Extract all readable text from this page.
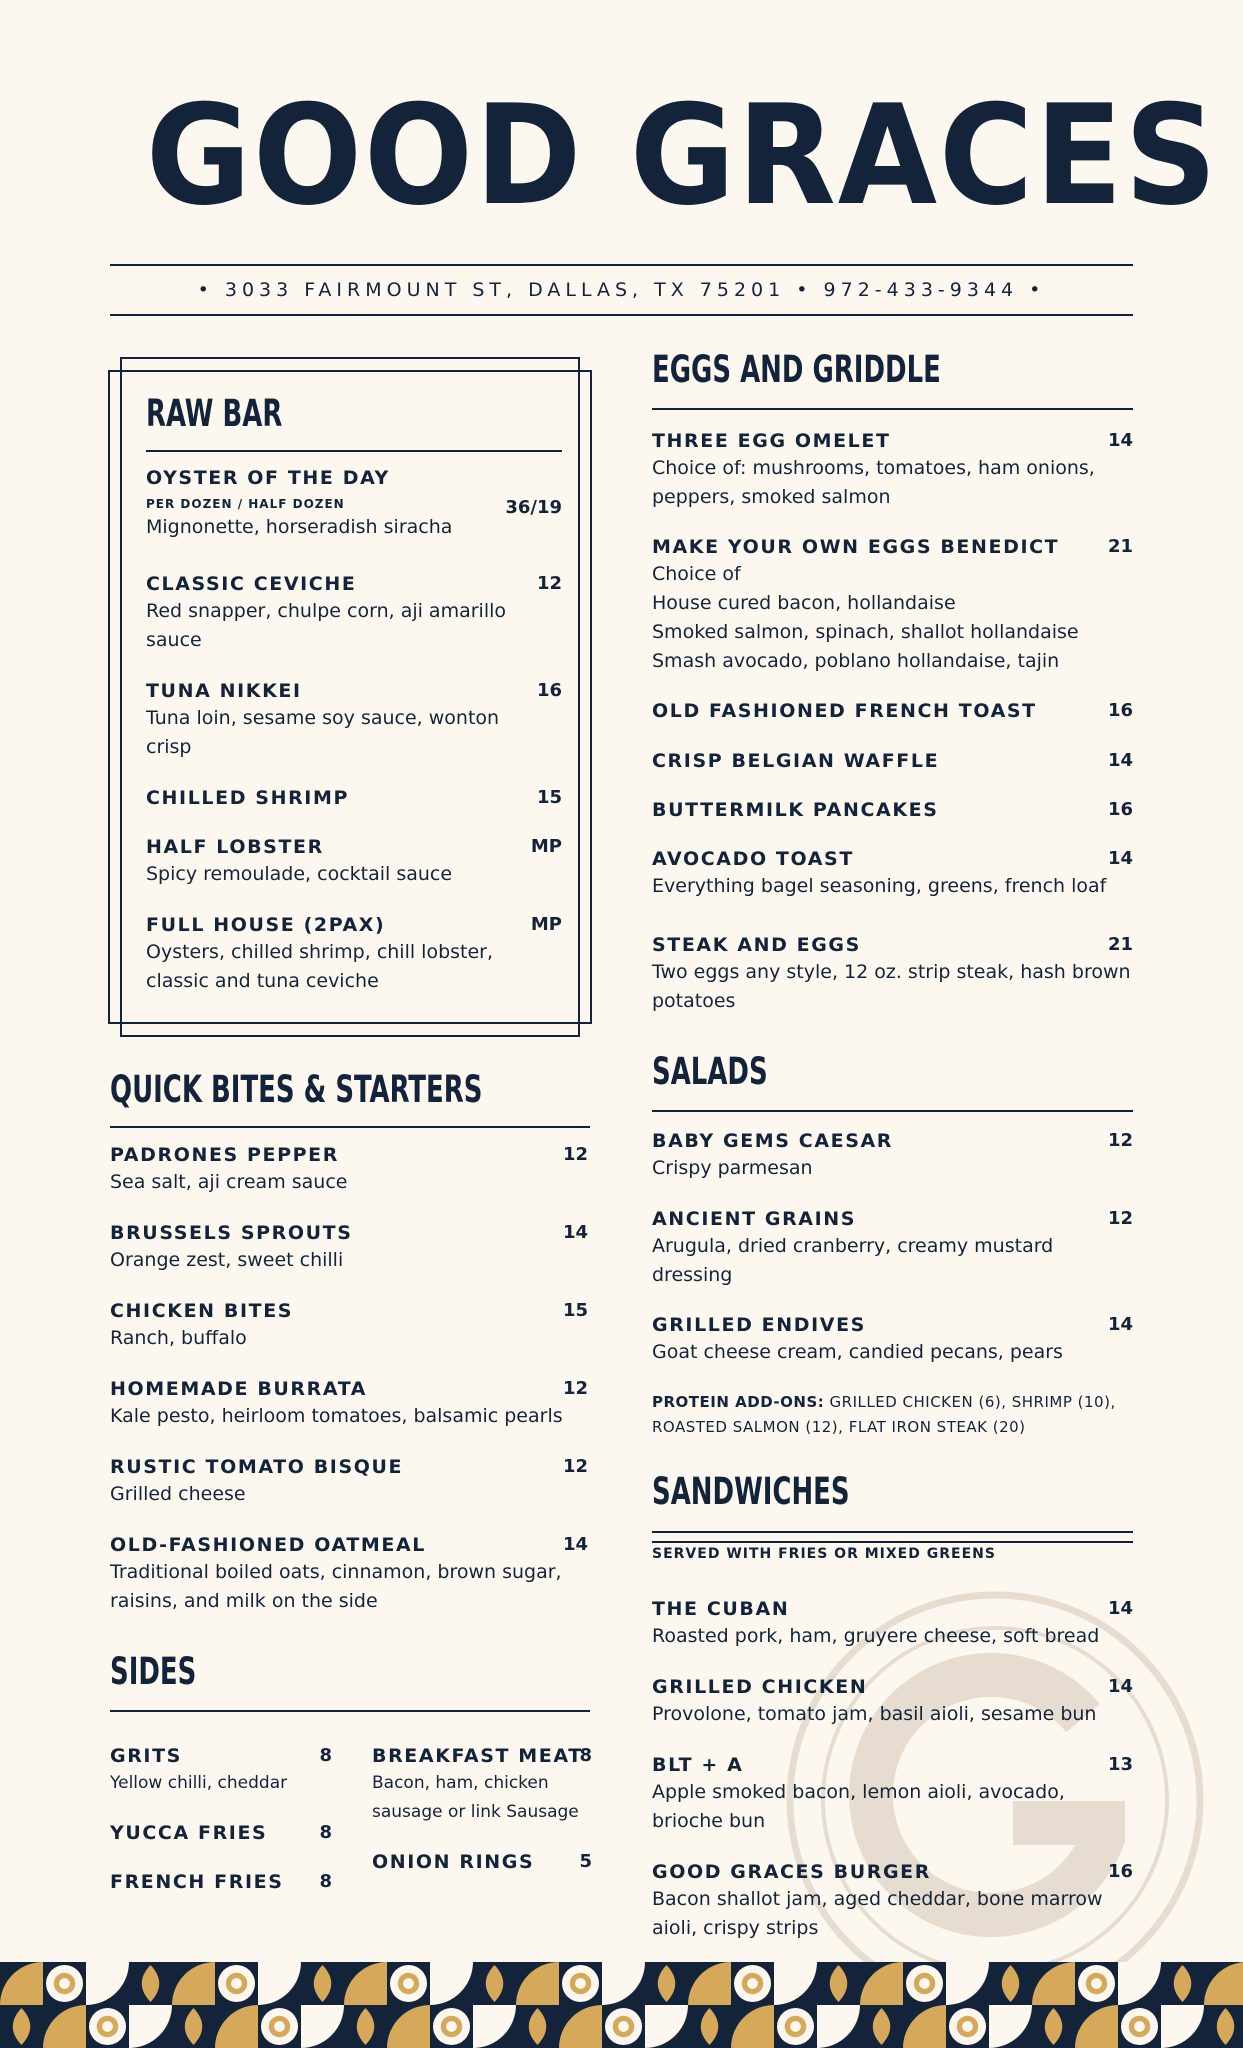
GOOD GRACES
• 3033 FAIRMOUNT ST, DALLAS, TX 75201 • 972-433-9344 •
RAW BAR
OYSTER OF THE DAY
PER DOZEN / HALF DOZEN	36/19
Mignonette, horseradish siracha
CLASSIC CEVICHE	12
Red snapper, chulpe corn, aji amarillo
sauce
TUNA NIKKEI	16
Tuna loin, sesame soy sauce, wonton
crisp
CHILLED SHRIMP	15
HALF LOBSTER	MP
Spicy remoulade, cocktail sauce
FULL HOUSE (2PAX)	MP
Oysters, chilled shrimp, chill lobster,
classic and tuna ceviche
QUICK BITES & STARTERS
PADRONES PEPPER	12
Sea salt, aji cream sauce
BRUSSELS SPROUTS	14
Orange zest, sweet chilli
CHICKEN BITES	15
Ranch, buffalo
HOMEMADE BURRATA	12
Kale pesto, heirloom tomatoes, balsamic pearls
RUSTIC TOMATO BISQUE	12
Grilled cheese
OLD-FASHIONED OATMEAL	14
Traditional boiled oats, cinnamon, brown sugar,
raisins, and milk on the side
SIDES
GRITS	8
Yellow chilli, cheddar
YUCCA FRIES	8
FRENCH FRIES	8
BREAKFAST MEAT
8
Bacon, ham, chicken
sausage or link Sausage
ONION RINGS	5
EGGS AND GRIDDLE
THREE EGG OMELET	14
Choice of: mushrooms, tomatoes, ham onions,
peppers, smoked salmon
MAKE YOUR OWN EGGS BENEDICT	21
Choice of
House cured bacon, hollandaise
Smoked salmon, spinach, shallot hollandaise
Smash avocado, poblano hollandaise, tajin
OLD FASHIONED FRENCH TOAST	16
CRISP BELGIAN WAFFLE	14
BUTTERMILK PANCAKES	16
AVOCADO TOAST	14
Everything bagel seasoning, greens, french loaf
STEAK AND EGGS	21
Two eggs any style, 12 oz. strip steak, hash brown
potatoes
SALADS
BABY GEMS CAESAR	12
Crispy parmesan
ANCIENT GRAINS	12
Arugula, dried cranberry, creamy mustard
dressing
GRILLED ENDIVES	14
Goat cheese cream, candied pecans, pears
PROTEIN ADD-ONS: GRILLED CHICKEN (6), SHRIMP (10),
ROASTED SALMON (12), FLAT IRON STEAK (20)
SANDWICHES
SERVED WITH FRIES OR MIXED GREENS
THE CUBAN	14
Roasted pork, ham, gruyere cheese, soft bread
GRILLED CHICKEN	14
Provolone, tomato jam, basil aioli, sesame bun
BLT + A	13
Apple smoked bacon, lemon aioli, avocado,
brioche bun
GOOD GRACES BURGER	16
Bacon shallot jam, aged cheddar, bone marrow
aioli, crispy strips
